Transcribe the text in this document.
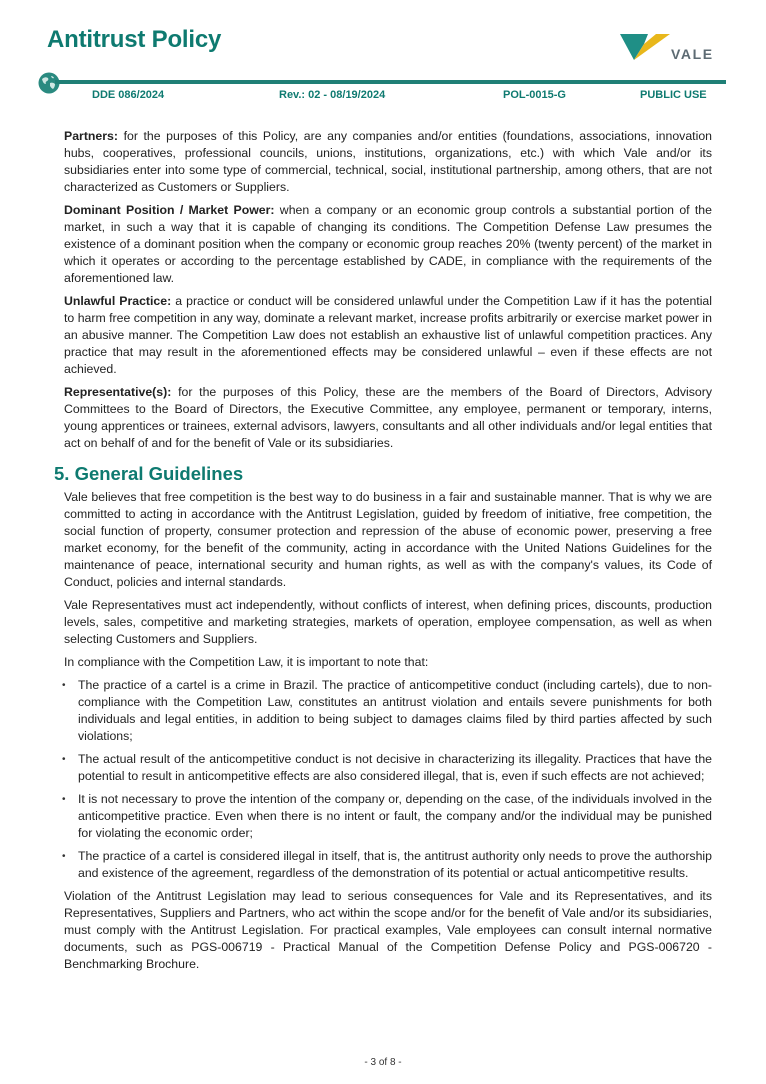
Antitrust Policy
VALE
DDE 086/2024	Rev.: 02 - 08/19/2024	POL-0015-G	PUBLIC USE

Partners: for the purposes of this Policy, are any companies and/or entities (foundations, associations, innovation hubs, cooperatives, professional councils, unions, institutions, organizations, etc.) with which Vale and/or its subsidiaries enter into some type of commercial, technical, social, institutional partnership, among others, that are not characterized as Customers or Suppliers.

Dominant Position / Market Power: when a company or an economic group controls a substantial portion of the market, in such a way that it is capable of changing its conditions. The Competition Defense Law presumes the existence of a dominant position when the company or economic group reaches 20% (twenty percent) of the market in which it operates or according to the percentage established by CADE, in compliance with the requirements of the aforementioned law.

Unlawful Practice: a practice or conduct will be considered unlawful under the Competition Law if it has the potential to harm free competition in any way, dominate a relevant market, increase profits arbitrarily or exercise market power in an abusive manner. The Competition Law does not establish an exhaustive list of unlawful competition practices. Any practice that may result in the aforementioned effects may be considered unlawful – even if these effects are not achieved.

Representative(s): for the purposes of this Policy, these are the members of the Board of Directors, Advisory Committees to the Board of Directors, the Executive Committee, any employee, permanent or temporary, interns, young apprentices or trainees, external advisors, lawyers, consultants and all other individuals and/or legal entities that act on behalf of and for the benefit of Vale or its subsidiaries.

5. General Guidelines

Vale believes that free competition is the best way to do business in a fair and sustainable manner. That is why we are committed to acting in accordance with the Antitrust Legislation, guided by freedom of initiative, free competition, the social function of property, consumer protection and repression of the abuse of economic power, preserving a free market economy, for the benefit of the community, acting in accordance with the United Nations Guidelines for the maintenance of peace, international security and human rights, as well as with the company's values, its Code of Conduct, policies and internal standards.

Vale Representatives must act independently, without conflicts of interest, when defining prices, discounts, production levels, sales, competitive and marketing strategies, markets of operation, employee compensation, as well as when selecting Customers and Suppliers.

In compliance with the Competition Law, it is important to note that:

• The practice of a cartel is a crime in Brazil. The practice of anticompetitive conduct (including cartels), due to non-compliance with the Competition Law, constitutes an antitrust violation and entails severe punishments for both individuals and legal entities, in addition to being subject to damages claims filed by third parties affected by such violations;
• The actual result of the anticompetitive conduct is not decisive in characterizing its illegality. Practices that have the potential to result in anticompetitive effects are also considered illegal, that is, even if such effects are not achieved;
• It is not necessary to prove the intention of the company or, depending on the case, of the individuals involved in the anticompetitive practice. Even when there is no intent or fault, the company and/or the individual may be punished for violating the economic order;
• The practice of a cartel is considered illegal in itself, that is, the antitrust authority only needs to prove the authorship and existence of the agreement, regardless of the demonstration of its potential or actual anticompetitive results.

Violation of the Antitrust Legislation may lead to serious consequences for Vale and its Representatives, and its Representatives, Suppliers and Partners, who act within the scope and/or for the benefit of Vale and/or its subsidiaries, must comply with the Antitrust Legislation. For practical examples, Vale employees can consult internal normative documents, such as PGS-006719 - Practical Manual of the Competition Defense Policy and PGS-006720 - Benchmarking Brochure.

- 3 of 8 -
